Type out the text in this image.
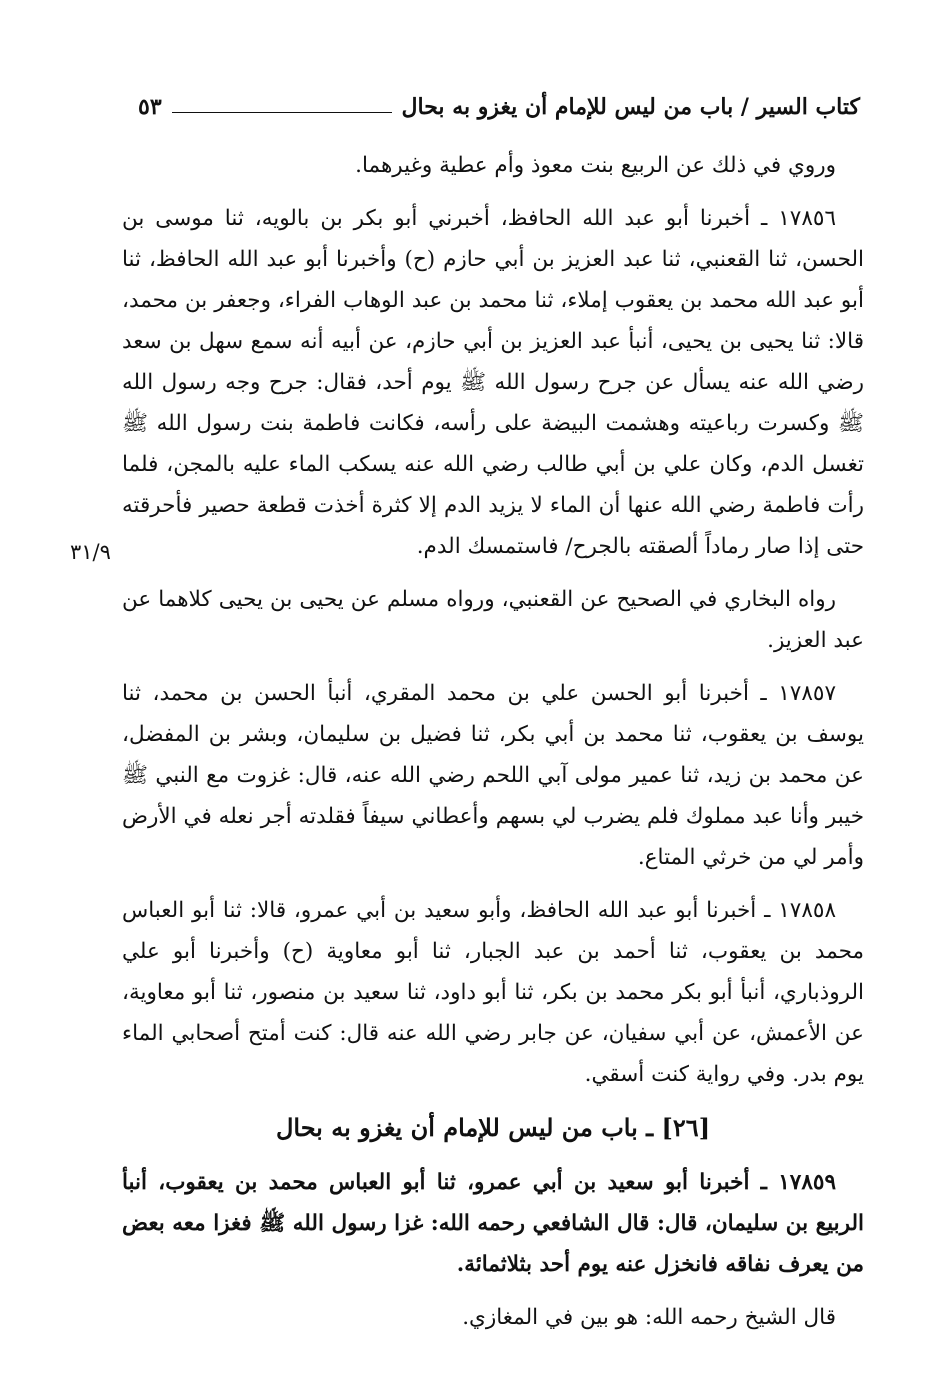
كتاب السير / باب من ليس للإمام أن يغزو به بحال
٥٣
٣١/٩

وروي في ذلك عن الربيع بنت معوذ وأم عطية وغيرهما.

١٧٨٥٦ ـ أخبرنا أبو عبد الله الحافظ، أخبرني أبو بكر بن بالويه، ثنا موسى بن الحسن، ثنا القعنبي، ثنا عبد العزيز بن أبي حازم (ح) وأخبرنا أبو عبد الله الحافظ، ثنا أبو عبد الله محمد بن يعقوب إملاء، ثنا محمد بن عبد الوهاب الفراء، وجعفر بن محمد، قالا: ثنا يحيى بن يحيى، أنبأ عبد العزيز بن أبي حازم، عن أبيه أنه سمع سهل بن سعد رضي الله عنه يسأل عن جرح رسول الله ﷺ يوم أحد، فقال: جرح وجه رسول الله ﷺ وكسرت رباعيته وهشمت البيضة على رأسه، فكانت فاطمة بنت رسول الله ﷺ تغسل الدم، وكان علي بن أبي طالب رضي الله عنه يسكب الماء عليه بالمجن، فلما رأت فاطمة رضي الله عنها أن الماء لا يزيد الدم إلا كثرة أخذت قطعة حصير فأحرقته حتى إذا صار رماداً ألصقته بالجرح/ فاستمسك الدم.

رواه البخاري في الصحيح عن القعنبي، ورواه مسلم عن يحيى بن يحيى كلاهما عن عبد العزيز.

١٧٨٥٧ ـ أخبرنا أبو الحسن علي بن محمد المقري، أنبأ الحسن بن محمد، ثنا يوسف بن يعقوب، ثنا محمد بن أبي بكر، ثنا فضيل بن سليمان، وبشر بن المفضل، عن محمد بن زيد، ثنا عمير مولى آبي اللحم رضي الله عنه، قال: غزوت مع النبي ﷺ خيبر وأنا عبد مملوك فلم يضرب لي بسهم وأعطاني سيفاً فقلدته أجر نعله في الأرض وأمر لي من خرثي المتاع.

١٧٨٥٨ ـ أخبرنا أبو عبد الله الحافظ، وأبو سعيد بن أبي عمرو، قالا: ثنا أبو العباس محمد بن يعقوب، ثنا أحمد بن عبد الجبار، ثنا أبو معاوية (ح) وأخبرنا أبو علي الروذباري، أنبأ أبو بكر محمد بن بكر، ثنا أبو داود، ثنا سعيد بن منصور، ثنا أبو معاوية، عن الأعمش، عن أبي سفيان، عن جابر رضي الله عنه قال: كنت أمتح أصحابي الماء يوم بدر. وفي رواية كنت أسقي.

[٢٦] ـ باب من ليس للإمام أن يغزو به بحال

١٧٨٥٩ ـ أخبرنا أبو سعيد بن أبي عمرو، ثنا أبو العباس محمد بن يعقوب، أنبأ الربيع بن سليمان، قال: قال الشافعي رحمه الله: غزا رسول الله ﷺ فغزا معه بعض من يعرف نفاقه فانخزل عنه يوم أحد بثلاثمائة.

قال الشيخ رحمه الله: هو بين في المغازي.
